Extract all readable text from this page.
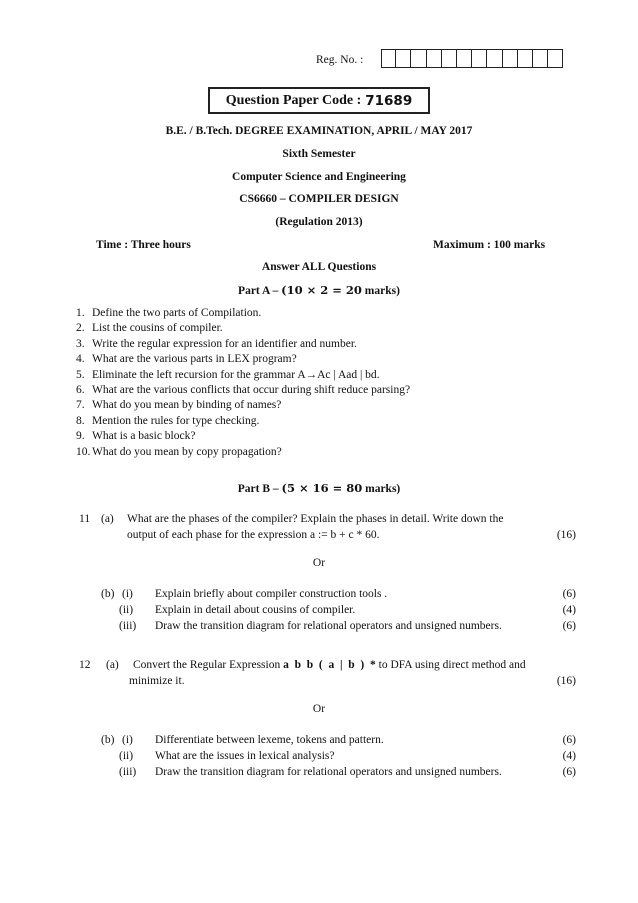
Reg. No. :
Question Paper Code : 71689
B.E. / B.Tech. DEGREE EXAMINATION, APRIL / MAY 2017
Sixth Semester
Computer Science and Engineering
CS6660 – COMPILER DESIGN
(Regulation 2013)
Time : Three hours	Maximum : 100 marks
Answer ALL Questions
Part A – (10 × 2 = 20 marks)
1. Define the two parts of Compilation.
2. List the cousins of compiler.
3. Write the regular expression for an identifier and number.
4. What are the various parts in LEX program?
5. Eliminate the left recursion for the grammar A→Ac | Aad | bd.
6. What are the various conflicts that occur during shift reduce parsing?
7. What do you mean by binding of names?
8. Mention the rules for type checking.
9. What is a basic block?
10. What do you mean by copy propagation?
Part B – (5 × 16 = 80 marks)
11 (a) What are the phases of the compiler? Explain the phases in detail. Write down the
output of each phase for the expression a := b + c * 60.	(16)
Or
(b) (i) Explain briefly about compiler construction tools .	(6)
(ii) Explain in detail about cousins of compiler.	(4)
(iii) Draw the transition diagram for relational operators and unsigned numbers.	(6)
12 (a) Convert the Regular Expression a  b  b  (  a  |  b  )  * to DFA using direct method and
minimize it.	(16)
Or
(b) (i) Differentiate between lexeme, tokens and pattern.	(6)
(ii) What are the issues in lexical analysis?	(4)
(iii) Draw the transition diagram for relational operators and unsigned numbers.	(6)
